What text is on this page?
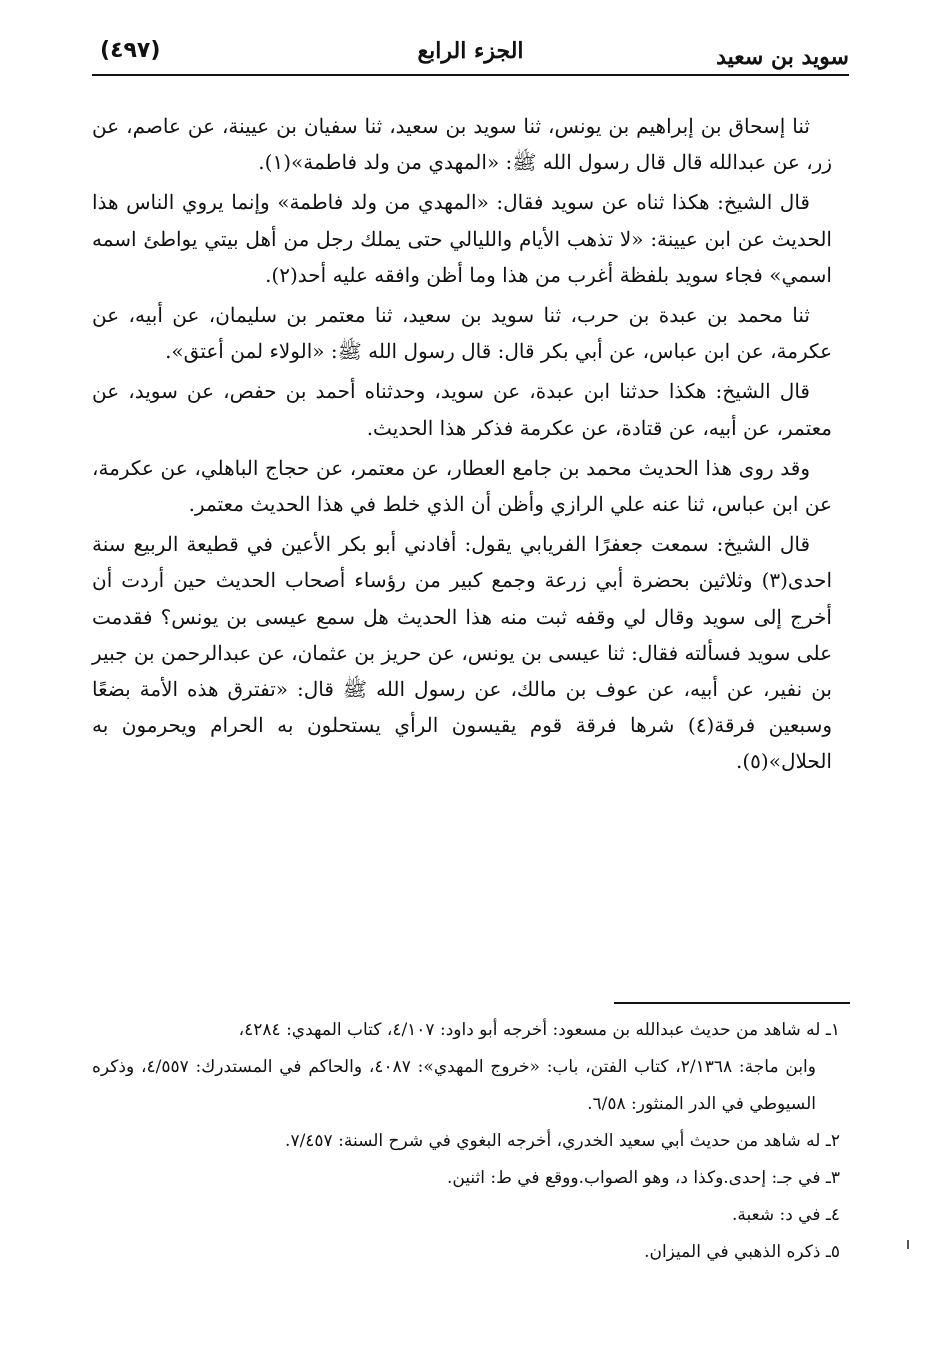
(٤٩٧)	الجزء الرابع	سويد بن سعيد

ثنا إسحاق بن إبراهيم بن يونس، ثنا سويد بن سعيد، ثنا سفيان بن عيينة، عن عاصم، عن زر، عن عبدالله قال قال رسول الله ﷺ: «المهدي من ولد فاطمة»(١).

قال الشيخ: هكذا ثناه عن سويد فقال: «المهدي من ولد فاطمة» وإنما يروي الناس هذا الحديث عن ابن عيينة: «لا تذهب الأيام والليالي حتى يملك رجل من أهل بيتي يواطئ اسمه اسمي» فجاء سويد بلفظة أغرب من هذا وما أظن وافقه عليه أحد(٢).

ثنا محمد بن عبدة بن حرب، ثنا سويد بن سعيد، ثنا معتمر بن سليمان، عن أبيه، عن عكرمة، عن ابن عباس، عن أبي بكر قال: قال رسول الله ﷺ: «الولاء لمن أعتق».

قال الشيخ: هكذا حدثنا ابن عبدة، عن سويد، وحدثناه أحمد بن حفص، عن سويد، عن معتمر، عن أبيه، عن قتادة، عن عكرمة فذكر هذا الحديث.

وقد روى هذا الحديث محمد بن جامع العطار، عن معتمر، عن حجاج الباهلي، عن عكرمة، عن ابن عباس، ثنا عنه علي الرازي وأظن أن الذي خلط في هذا الحديث معتمر.

قال الشيخ: سمعت جعفرًا الفريابي يقول: أفادني أبو بكر الأعين في قطيعة الربيع سنة احدى(٣) وثلاثين بحضرة أبي زرعة وجمع كبير من رؤساء أصحاب الحديث حين أردت أن أخرج إلى سويد وقال لي وقفه ثبت منه هذا الحديث هل سمع عيسى بن يونس؟ فقدمت على سويد فسألته فقال: ثنا عيسى بن يونس، عن حريز بن عثمان، عن عبدالرحمن بن جبير بن نفير، عن أبيه، عن عوف بن مالك، عن رسول الله ﷺ قال: «تفترق هذه الأمة بضعًا وسبعين فرقة(٤) شرها فرقة قوم يقيسون الرأي يستحلون به الحرام ويحرمون به الحلال»(٥).

١ـ له شاهد من حديث عبدالله بن مسعود: أخرجه أبو داود: ٤/١٠٧، كتاب المهدي: ٤٢٨٤،

وابن ماجة: ٢/١٣٦٨، كتاب الفتن، باب: «خروج المهدي»: ٤٠٨٧، والحاكم في المستدرك: ٤/٥٥٧، وذكره السيوطي في الدر المنثور: ٦/٥٨.

٢ـ له شاهد من حديث أبي سعيد الخدري، أخرجه البغوي في شرح السنة: ٧/٤٥٧.

٣ـ في جـ: إحدى.وكذا د، وهو الصواب.ووقع في ط: اثنين.

٤ـ في د: شعبة.

٥ـ ذكره الذهبي في الميزان.
